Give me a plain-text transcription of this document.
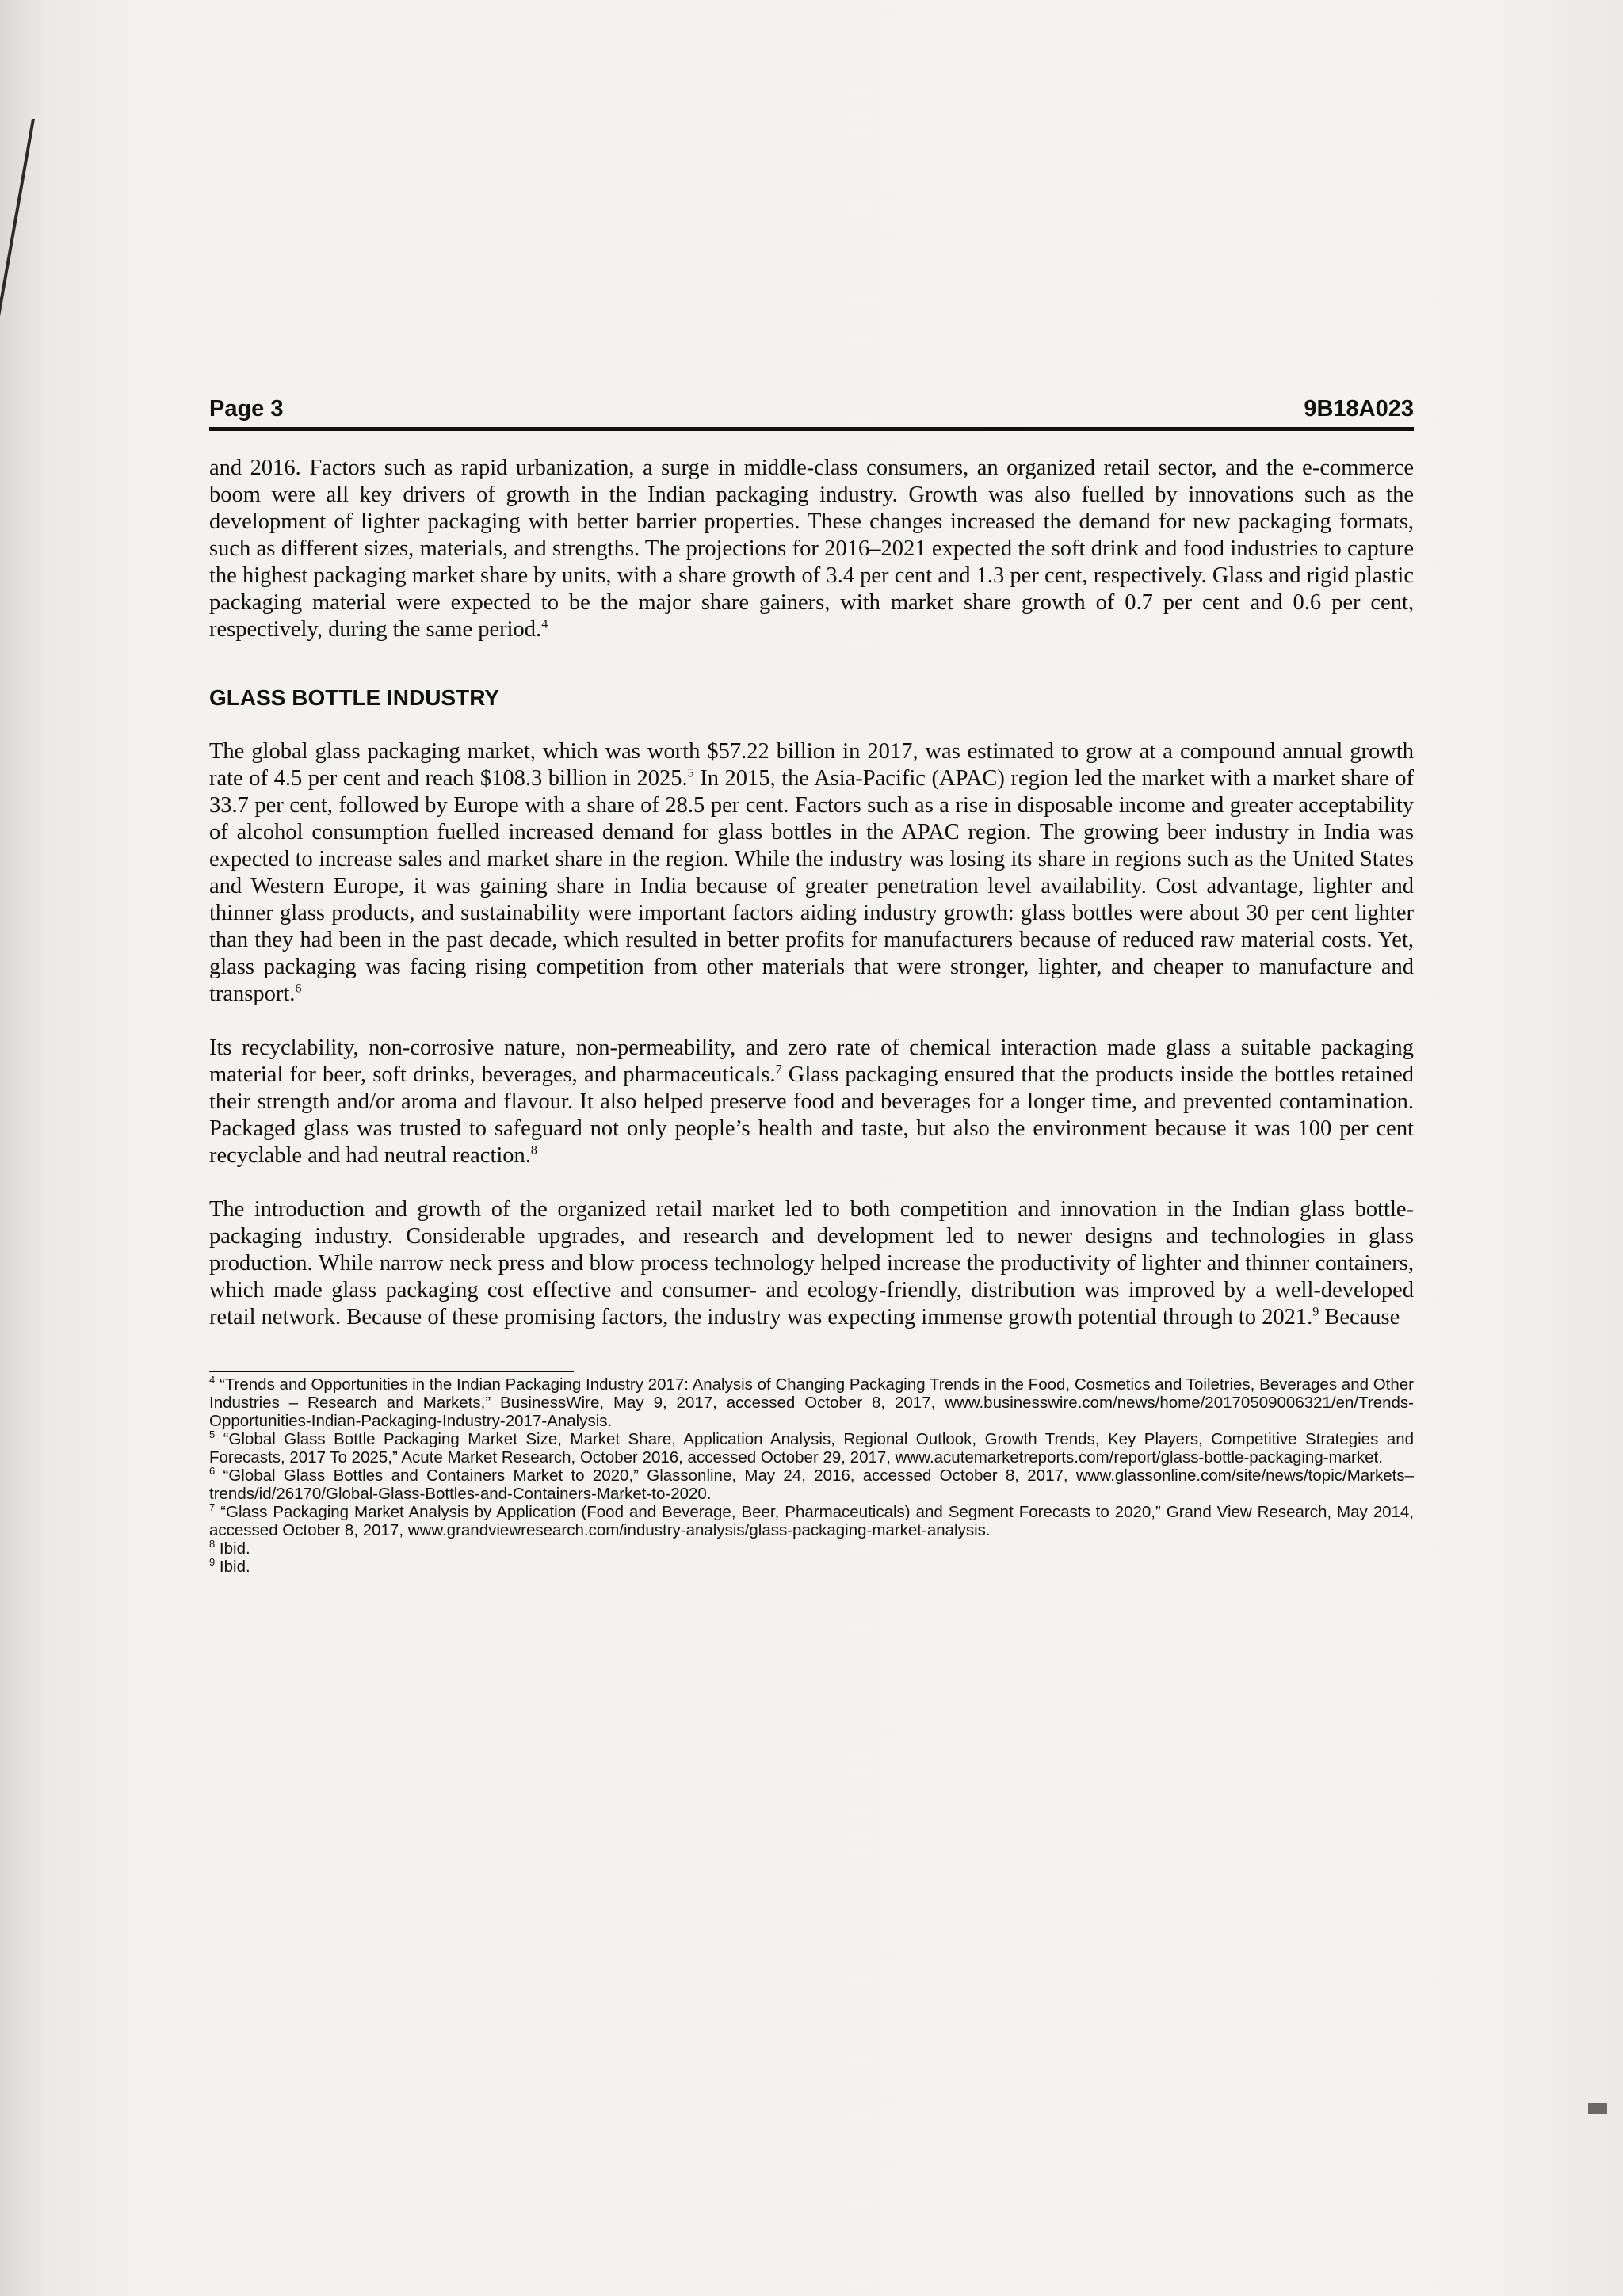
Page 3	9B18A023

and 2016. Factors such as rapid urbanization, a surge in middle-class consumers, an organized retail sector, and the e-commerce boom were all key drivers of growth in the Indian packaging industry. Growth was also fuelled by innovations such as the development of lighter packaging with better barrier properties. These changes increased the demand for new packaging formats, such as different sizes, materials, and strengths. The projections for 2016–2021 expected the soft drink and food industries to capture the highest packaging market share by units, with a share growth of 3.4 per cent and 1.3 per cent, respectively. Glass and rigid plastic packaging material were expected to be the major share gainers, with market share growth of 0.7 per cent and 0.6 per cent, respectively, during the same period.$^4$

GLASS BOTTLE INDUSTRY

The global glass packaging market, which was worth $57.22 billion in 2017, was estimated to grow at a compound annual growth rate of 4.5 per cent and reach $108.3 billion in 2025.$^5$ In 2015, the Asia-Pacific (APAC) region led the market with a market share of 33.7 per cent, followed by Europe with a share of 28.5 per cent. Factors such as a rise in disposable income and greater acceptability of alcohol consumption fuelled increased demand for glass bottles in the APAC region. The growing beer industry in India was expected to increase sales and market share in the region. While the industry was losing its share in regions such as the United States and Western Europe, it was gaining share in India because of greater penetration level availability. Cost advantage, lighter and thinner glass products, and sustainability were important factors aiding industry growth: glass bottles were about 30 per cent lighter than they had been in the past decade, which resulted in better profits for manufacturers because of reduced raw material costs. Yet, glass packaging was facing rising competition from other materials that were stronger, lighter, and cheaper to manufacture and transport.$^6$

Its recyclability, non-corrosive nature, non-permeability, and zero rate of chemical interaction made glass a suitable packaging material for beer, soft drinks, beverages, and pharmaceuticals.$^7$ Glass packaging ensured that the products inside the bottles retained their strength and/or aroma and flavour. It also helped preserve food and beverages for a longer time, and prevented contamination. Packaged glass was trusted to safeguard not only people’s health and taste, but also the environment because it was 100 per cent recyclable and had neutral reaction.$^8$

The introduction and growth of the organized retail market led to both competition and innovation in the Indian glass bottle-packaging industry. Considerable upgrades, and research and development led to newer designs and technologies in glass production. While narrow neck press and blow process technology helped increase the productivity of lighter and thinner containers, which made glass packaging cost effective and consumer- and ecology-friendly, distribution was improved by a well-developed retail network. Because of these promising factors, the industry was expecting immense growth potential through to 2021.$^9$ Because

$^4$ “Trends and Opportunities in the Indian Packaging Industry 2017: Analysis of Changing Packaging Trends in the Food, Cosmetics and Toiletries, Beverages and Other Industries – Research and Markets,” BusinessWire, May 9, 2017, accessed October 8, 2017, www.businesswire.com/news/home/20170509006321/en/Trends-Opportunities-Indian-Packaging-Industry-2017-Analysis.

$^5$ “Global Glass Bottle Packaging Market Size, Market Share, Application Analysis, Regional Outlook, Growth Trends, Key Players, Competitive Strategies and Forecasts, 2017 To 2025,” Acute Market Research, October 2016, accessed October 29, 2017, www.acutemarketreports.com/report/glass-bottle-packaging-market.

$^6$ “Global Glass Bottles and Containers Market to 2020,” Glassonline, May 24, 2016, accessed October 8, 2017, www.glassonline.com/site/news/topic/Markets–trends/id/26170/Global-Glass-Bottles-and-Containers-Market-to-2020.

$^7$ “Glass Packaging Market Analysis by Application (Food and Beverage, Beer, Pharmaceuticals) and Segment Forecasts to 2020,” Grand View Research, May 2014, accessed October 8, 2017, www.grandviewresearch.com/industry-analysis/glass-packaging-market-analysis.

$^8$ Ibid.

$^9$ Ibid.
